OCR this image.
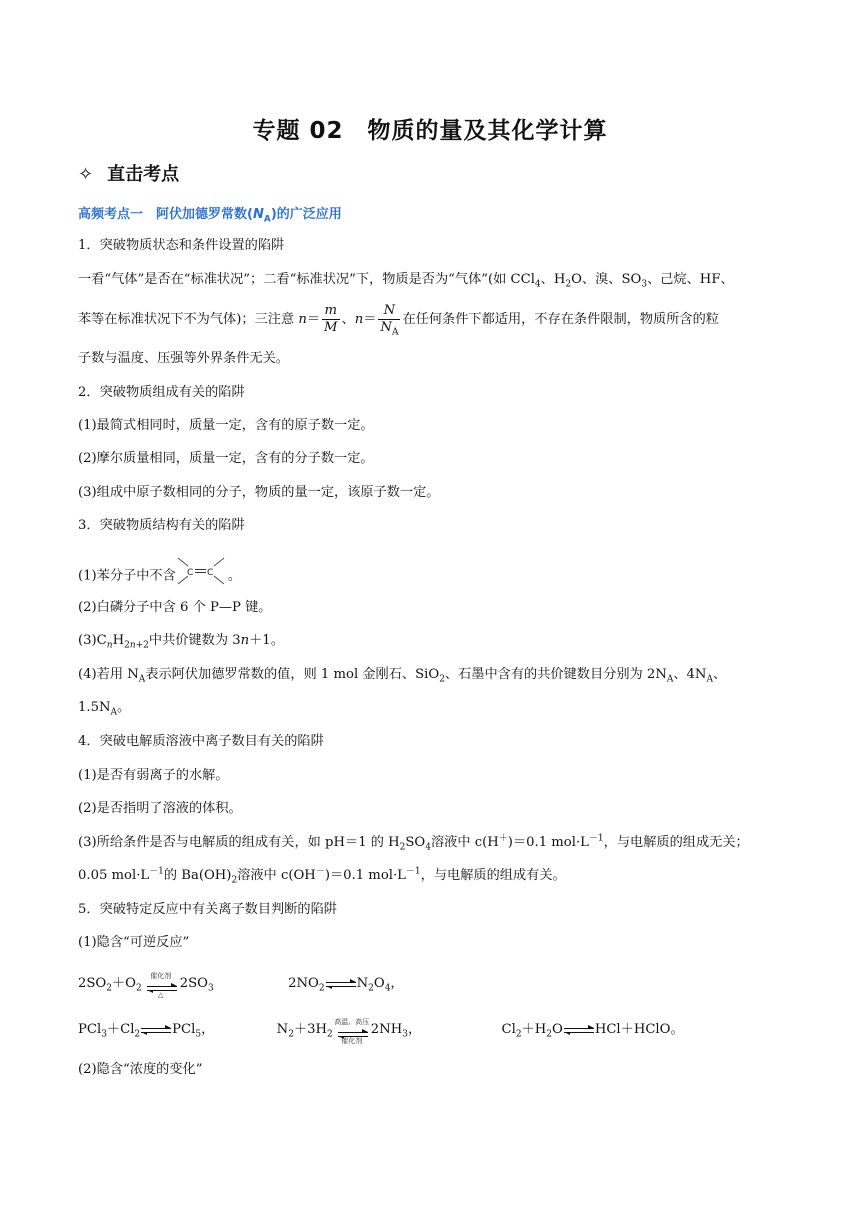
专题 02　物质的量及其化学计算
✧ 直击考点
高频考点一　阿伏加德罗常数$(N_A)$的广泛应用
1．突破物质状态和条件设置的陷阱
一看“气体”是否在“标准状况”；二看“标准状况”下，物质是否为“气体”(如 CCl$_4$、$H_2O$、溴、$SO_3$、己烷、HF、
苯等在标准状况下不为气体)；三注意 $n= \frac{m}{M}$ 、$n= \frac{N}{N_A}$ 在任何条件下都适用，不存在条件限制，物质所含的粒
子数与温度、压强等外界条件无关。
2．突破物质组成有关的陷阱
(1)最简式相同时，质量一定，含有的原子数一定。
(2)摩尔质量相同，质量一定，含有的分子数一定。
(3)组成中原子数相同的分子，物质的量一定，该原子数一定。
3．突破物质结构有关的陷阱
(1)苯分子中不含 C C 。
(2)白磷分子中含 6 个 P—P 键。
$(3)C_nH_{2n+2}$中共价键数为 3n＋1。
(4)若用 $N_A$表示阿伏加德罗常数的值，则 1 mol 金刚石、SiO$_2$、石墨中含有的共价键数目分别为 $2N_A$、$4N_A$、
$1.5N_A$。
4．突破电解质溶液中离子数目有关的陷阱
(1)是否有弱离子的水解。
(2)是否指明了溶液的体积。
(3)所给条件是否与电解质的组成有关，如 pH＝1 的 $H_2SO_4$溶液中 c(H＋)＝0.1 $mol\cdot L^{-1}$，与电解质的组成无关；
0.05 $mol\cdot L^{-1}$的 $Ba(OH)_2$溶液中 c(OH－)＝0.1 $mol\cdot L^{-1}$，与电解质的组成有关。
5．突破特定反应中有关离子数目判断的陷阱
(1)隐含“可逆反应”
$2SO_2+O_2$
催化剂
△
$2SO_3$	$2NO_2$ $\rightleftharpoons N_2O_4$，
$PCl_3+Cl_2$ ⇌PCl$_5$，	$N_2+3H_2$
高温、高压
催化剂
$2NH_3$，	$Cl_2+H_2O\rightleftharpoons HCl+HClO$。
(2)隐含“浓度的变化”
